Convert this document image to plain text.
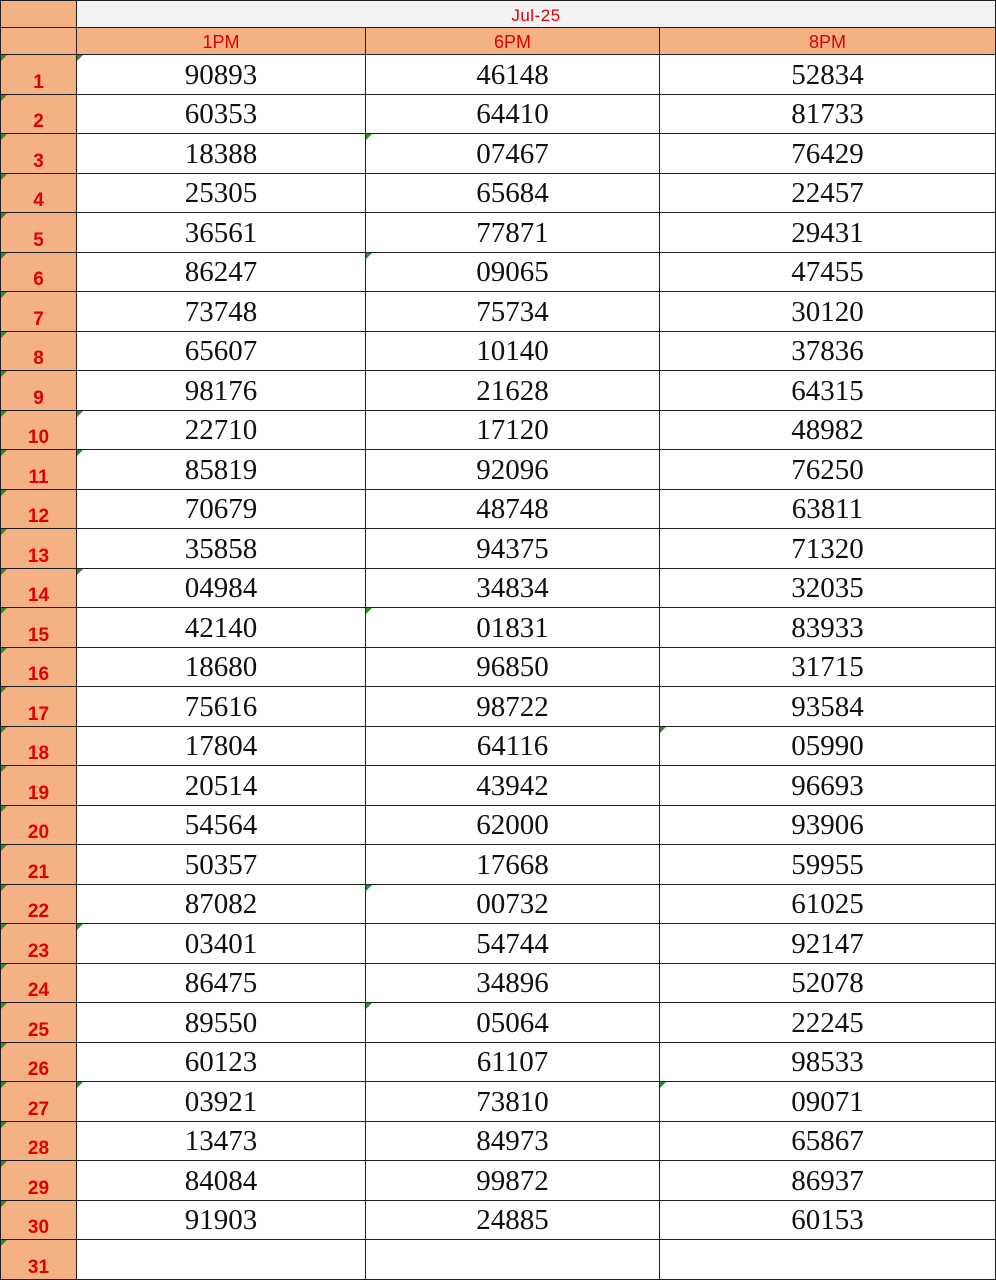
Jul-25
1PM	6PM	8PM
1	90893	46148	52834
2	60353	64410	81733
3	18388	07467	76429
4	25305	65684	22457
5	36561	77871	29431
6	86247	09065	47455
7	73748	75734	30120
8	65607	10140	37836
9	98176	21628	64315
10	22710	17120	48982
11	85819	92096	76250
12	70679	48748	63811
13	35858	94375	71320
14	04984	34834	32035
15	42140	01831	83933
16	18680	96850	31715
17	75616	98722	93584
18	17804	64116	05990
19	20514	43942	96693
20	54564	62000	93906
21	50357	17668	59955
22	87082	00732	61025
23	03401	54744	92147
24	86475	34896	52078
25	89550	05064	22245
26	60123	61107	98533
27	03921	73810	09071
28	13473	84973	65867
29	84084	99872	86937
30	91903	24885	60153
31
